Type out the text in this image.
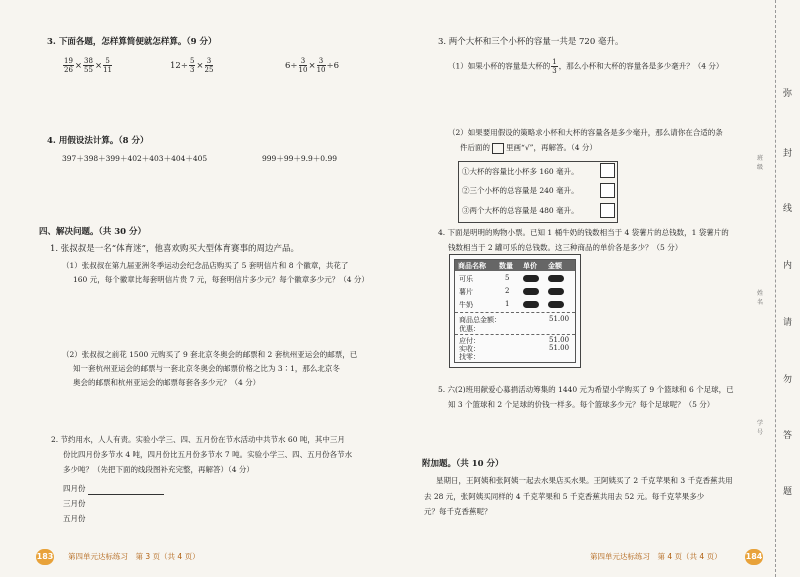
3. 下面各题，怎样算简便就怎样算。（9 分）
$\frac{19}{26} \times \frac{38}{55} \times \frac{5}{11}$	$12\div \frac{5}{3} \times \frac{3}{25}$	$6\div \frac{3}{10} \times \frac{3}{10} \div 6$
4. 用假设法计算。（8 分）
397＋398＋399＋402＋403＋404＋405	999＋99＋9.9＋0.99
四、解决问题。（共 30 分）
1. 张叔叔是一名“体育迷”，他喜欢购买大型体育赛事的周边产品。
（1）张叔叔在第九届亚洲冬季运动会纪念品店购买了 5 套明信片和 8 个徽章，共花了
160 元，每个徽章比每套明信片贵 7 元，每套明信片多少元？每个徽章多少元？（4 分）
（2）张叔叔之前花 1500 元购买了 9 套北京冬奥会的邮票和 2 套杭州亚运会的邮票，已
知一套杭州亚运会的邮票与一套北京冬奥会的邮票价格之比为 3∶1，那么北京冬
奥会的邮票和杭州亚运会的邮票每套各多少元？（4 分）
2. 节约用水，人人有责。实验小学三、四、五月份在节水活动中共节水 60 吨，其中三月
份比四月份多节水 4 吨，四月份比五月份多节水 7 吨。实验小学三、四、五月份各节水
多少吨？（先把下面的线段图补充完整，再解答）（4 分）
四月份
三月份
五月份
183 第四单元达标练习　第 3 页（共 4 页）
3. 两个大杯和三个小杯的容量一共是 720 毫升。
（1）如果小杯的容量是大杯的 $\frac{1}{3}$ ，那么小杯和大杯的容量各是多少毫升？（4 分）
（2）如果要用假设的策略求小杯和大杯的容量各是多少毫升，那么请你在合适的条
件后面的 里画“√”，再解答。（4 分）
①大杯的容量比小杯多 160 毫升。
②三个小杯的总容量是 240 毫升。
③两个大杯的总容量是 480 毫升。
4. 下面是明明的购物小票。已知 1 桶牛奶的钱数相当于 4 袋薯片的总钱数，1 袋薯片的
钱数相当于 2 罐可乐的总钱数。这三种商品的单价各是多少？（5 分）
商品名称 数量 单价 金额
可乐	5
薯片	2
牛奶	1
商品总金额：	51.00
优惠：
应付：	51.00
实收：	51.00
找零：
5. 六(2)班用献爱心募捐活动筹集的 1440 元为希望小学购买了 9 个篮球和 6 个足球，已
知 3 个篮球和 2 个足球的价钱一样多。每个篮球多少元？每个足球呢？（5 分）
附加题。（共 10 分）
星期日，王阿姨和张阿姨一起去水果店买水果。王阿姨买了 2 千克苹果和 3 千克香蕉共用
去 28 元，张阿姨买同样的 4 千克苹果和 5 千克香蕉共用去 52 元。每千克苹果多少
元？每千克香蕉呢？
第四单元达标练习　第 4 页（共 4 页）	184
弥
封
线
内
请
勿
答
题
班
级
姓
名
学
号
